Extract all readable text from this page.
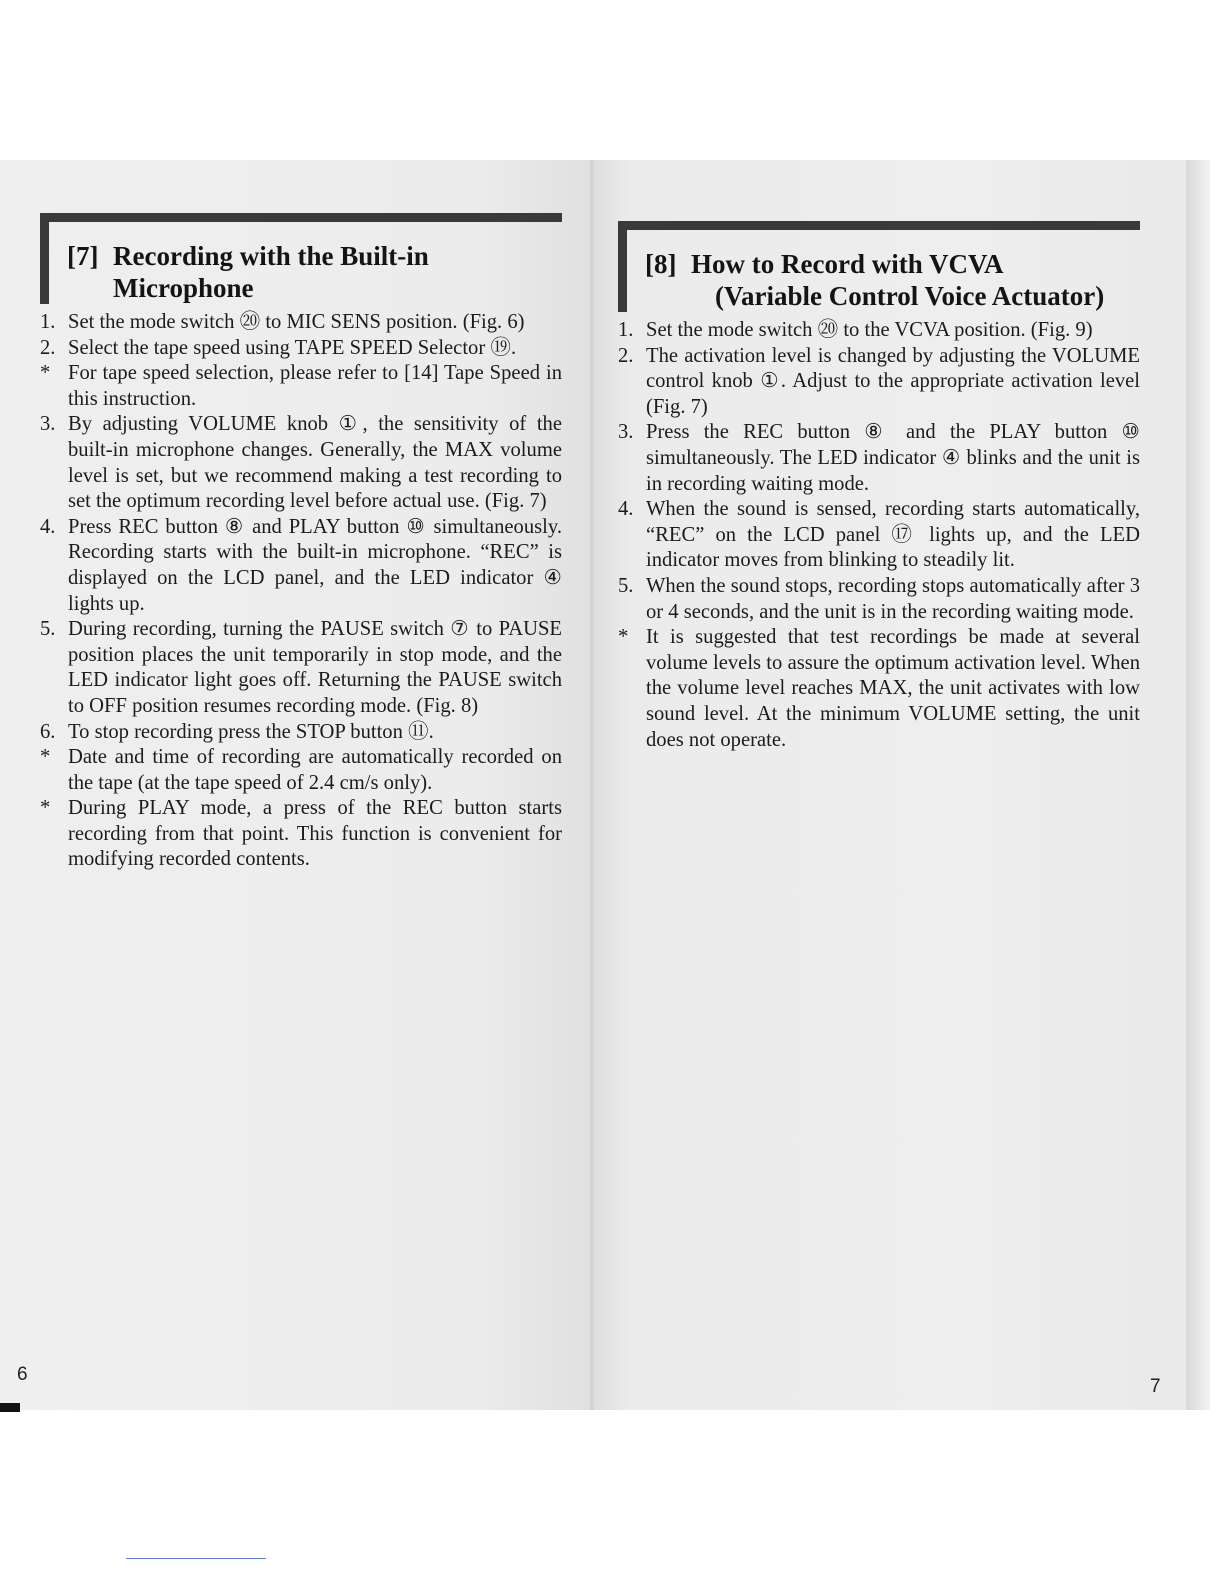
[7] Recording with the Built-in
Microphone
1. Set the mode switch ⑳ to MIC SENS position. (Fig. 6)
2. Select the tape speed using TAPE SPEED Selector ⑲.
* For tape speed selection, please refer to [14] Tape Speed in this instruction.
3. By adjusting VOLUME knob ①, the sensitivity of the built-in microphone changes. Generally, the MAX volume level is set, but we recommend making a test recording to set the optimum recording level before actual use. (Fig. 7)
4. Press REC button ⑧ and PLAY button ⑩ simultaneously. Recording starts with the built-in microphone. “REC” is displayed on the LCD panel, and the LED indicator ④ lights up.
5. During recording, turning the PAUSE switch ⑦ to PAUSE position places the unit temporarily in stop mode, and the LED indicator light goes off. Returning the PAUSE switch to OFF position resumes recording mode. (Fig. 8)
6. To stop recording press the STOP button ⑪.
* Date and time of recording are automatically recorded on the tape (at the tape speed of 2.4 cm/s only).
* During PLAY mode, a press of the REC button starts recording from that point. This function is convenient for modifying recorded contents.
[8] How to Record with VCVA
(Variable Control Voice Actuator)
1. Set the mode switch ⑳ to the VCVA position. (Fig. 9)
2. The activation level is changed by adjusting the VOLUME control knob ①. Adjust to the appropriate activation level (Fig. 7)
3. Press the REC button ⑧ and the PLAY button ⑩ simultaneously. The LED indicator ④ blinks and the unit is in recording waiting mode.
4. When the sound is sensed, recording starts automatically, “REC” on the LCD panel ⑰ lights up, and the LED indicator moves from blinking to steadily lit.
5. When the sound stops, recording stops automatically after 3 or 4 seconds, and the unit is in the recording waiting mode.
* It is suggested that test recordings be made at several volume levels to assure the optimum activation level. When the volume level reaches MAX, the unit activates with low sound level. At the minimum VOLUME setting, the unit does not operate.
6
7
